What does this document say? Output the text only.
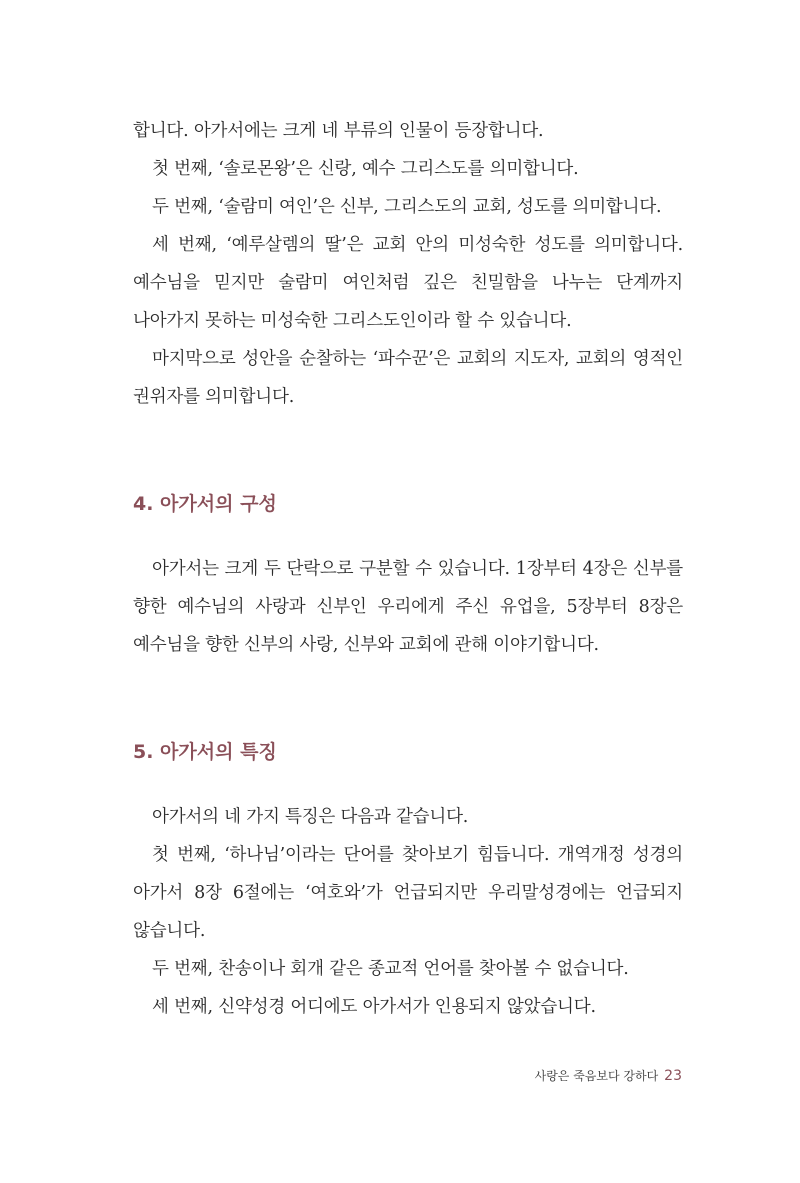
합니다. 아가서에는 크게 네 부류의 인물이 등장합니다.

첫 번째, ‘솔로몬왕’은 신랑, 예수 그리스도를 의미합니다.

두 번째, ‘술람미 여인’은 신부, 그리스도의 교회, 성도를 의미합니다.

세 번째, ‘예루살렘의 딸’은 교회 안의 미성숙한 성도를 의미합니다. 예수님을 믿지만 술람미 여인처럼 깊은 친밀함을 나누는 단계까지 나아가지 못하는 미성숙한 그리스도인이라 할 수 있습니다.

마지막으로 성안을 순찰하는 ‘파수꾼’은 교회의 지도자, 교회의 영적인 권위자를 의미합니다.

4. 아가서의 구성

아가서는 크게 두 단락으로 구분할 수 있습니다. 1장부터 4장은 신부를 향한 예수님의 사랑과 신부인 우리에게 주신 유업을, 5장부터 8장은 예수님을 향한 신부의 사랑, 신부와 교회에 관해 이야기합니다.

5. 아가서의 특징

아가서의 네 가지 특징은 다음과 같습니다.

첫 번째, ‘하나님’이라는 단어를 찾아보기 힘듭니다. 개역개정 성경의 아가서 8장 6절에는 ‘여호와’가 언급되지만 우리말성경에는 언급되지 않습니다.

두 번째, 찬송이나 회개 같은 종교적 언어를 찾아볼 수 없습니다.

세 번째, 신약성경 어디에도 아가서가 인용되지 않았습니다.

사랑은 죽음보다 강하다 23
